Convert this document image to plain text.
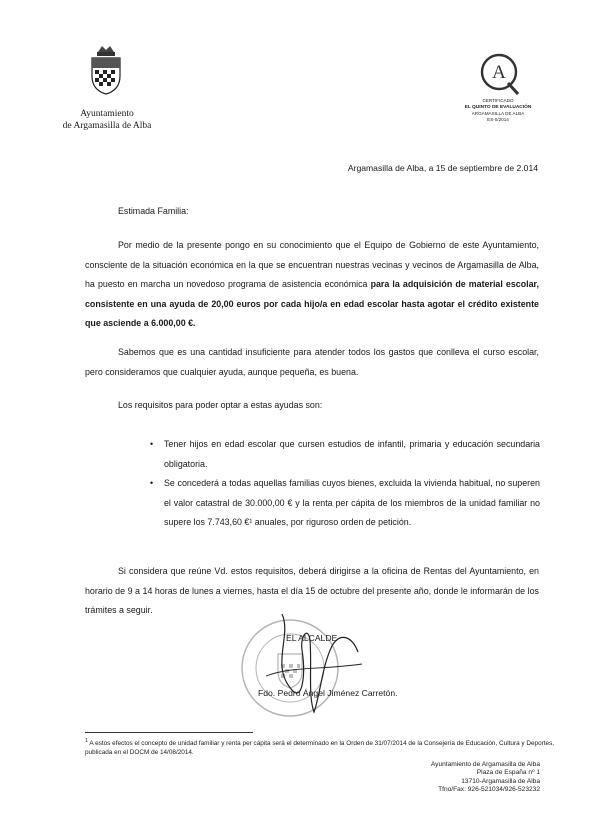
Ayuntamiento
de Argamasilla de Alba
A
CERTIFICADO
EL QUINTO DE EVALUACIÓN
ARGAMASILLA DE ALBA
ES-0/2014
Argamasilla de Alba, a 15 de septiembre de 2.014
Estimada Familia:
Por medio de la presente pongo en su conocimiento que el Equipo de Gobierno de este Ayuntamiento, consciente de la situación económica en la que se encuentran nuestras vecinas y vecinos de Argamasilla de Alba, ha puesto en marcha un novedoso programa de asistencia económica para la adquisición de material escolar, consistente en una ayuda de 20,00 euros por cada hijo/a en edad escolar hasta agotar el crédito existente que asciende a 6.000,00 €.
Sabemos que es una cantidad insuficiente para atender todos los gastos que conlleva el curso escolar, pero consideramos que cualquier ayuda, aunque pequeña, es buena.
Los requisitos para poder optar a estas ayudas son:
• Tener hijos en edad escolar que cursen estudios de infantil, primaria y educación secundaria obligatoria.
• Se concederá a todas aquellas familias cuyos bienes, excluida la vivienda habitual, no superen el valor catastral de 30.000,00 € y la renta per cápita de los miembros de la unidad familiar no supere los 7.743,60 €¹ anuales, por riguroso orden de petición.
Si considera que reúne Vd. estos requisitos, deberá dirigirse a la oficina de Rentas del Ayuntamiento, en horario de 9 a 14 horas de lunes a viernes, hasta el día 15 de octubre del presente año, donde le informarán de los trámites a seguir.
EL ALCALDE
Fdo. Pedro Ángel Jiménez Carretón.
$^1$ A estos efectos el concepto de unidad familiar y renta per cápita será el determinado en la Orden de 31/07/2014 de la Consejería de Educación, Cultura y Deportes, publicada en el DOCM de 14/08/2014.
Ayuntamiento de Argamasilla de Alba
Plaza de España nº 1
13710-Argamasilla de Alba
Tfno/Fax: 926-521034/926-523232
